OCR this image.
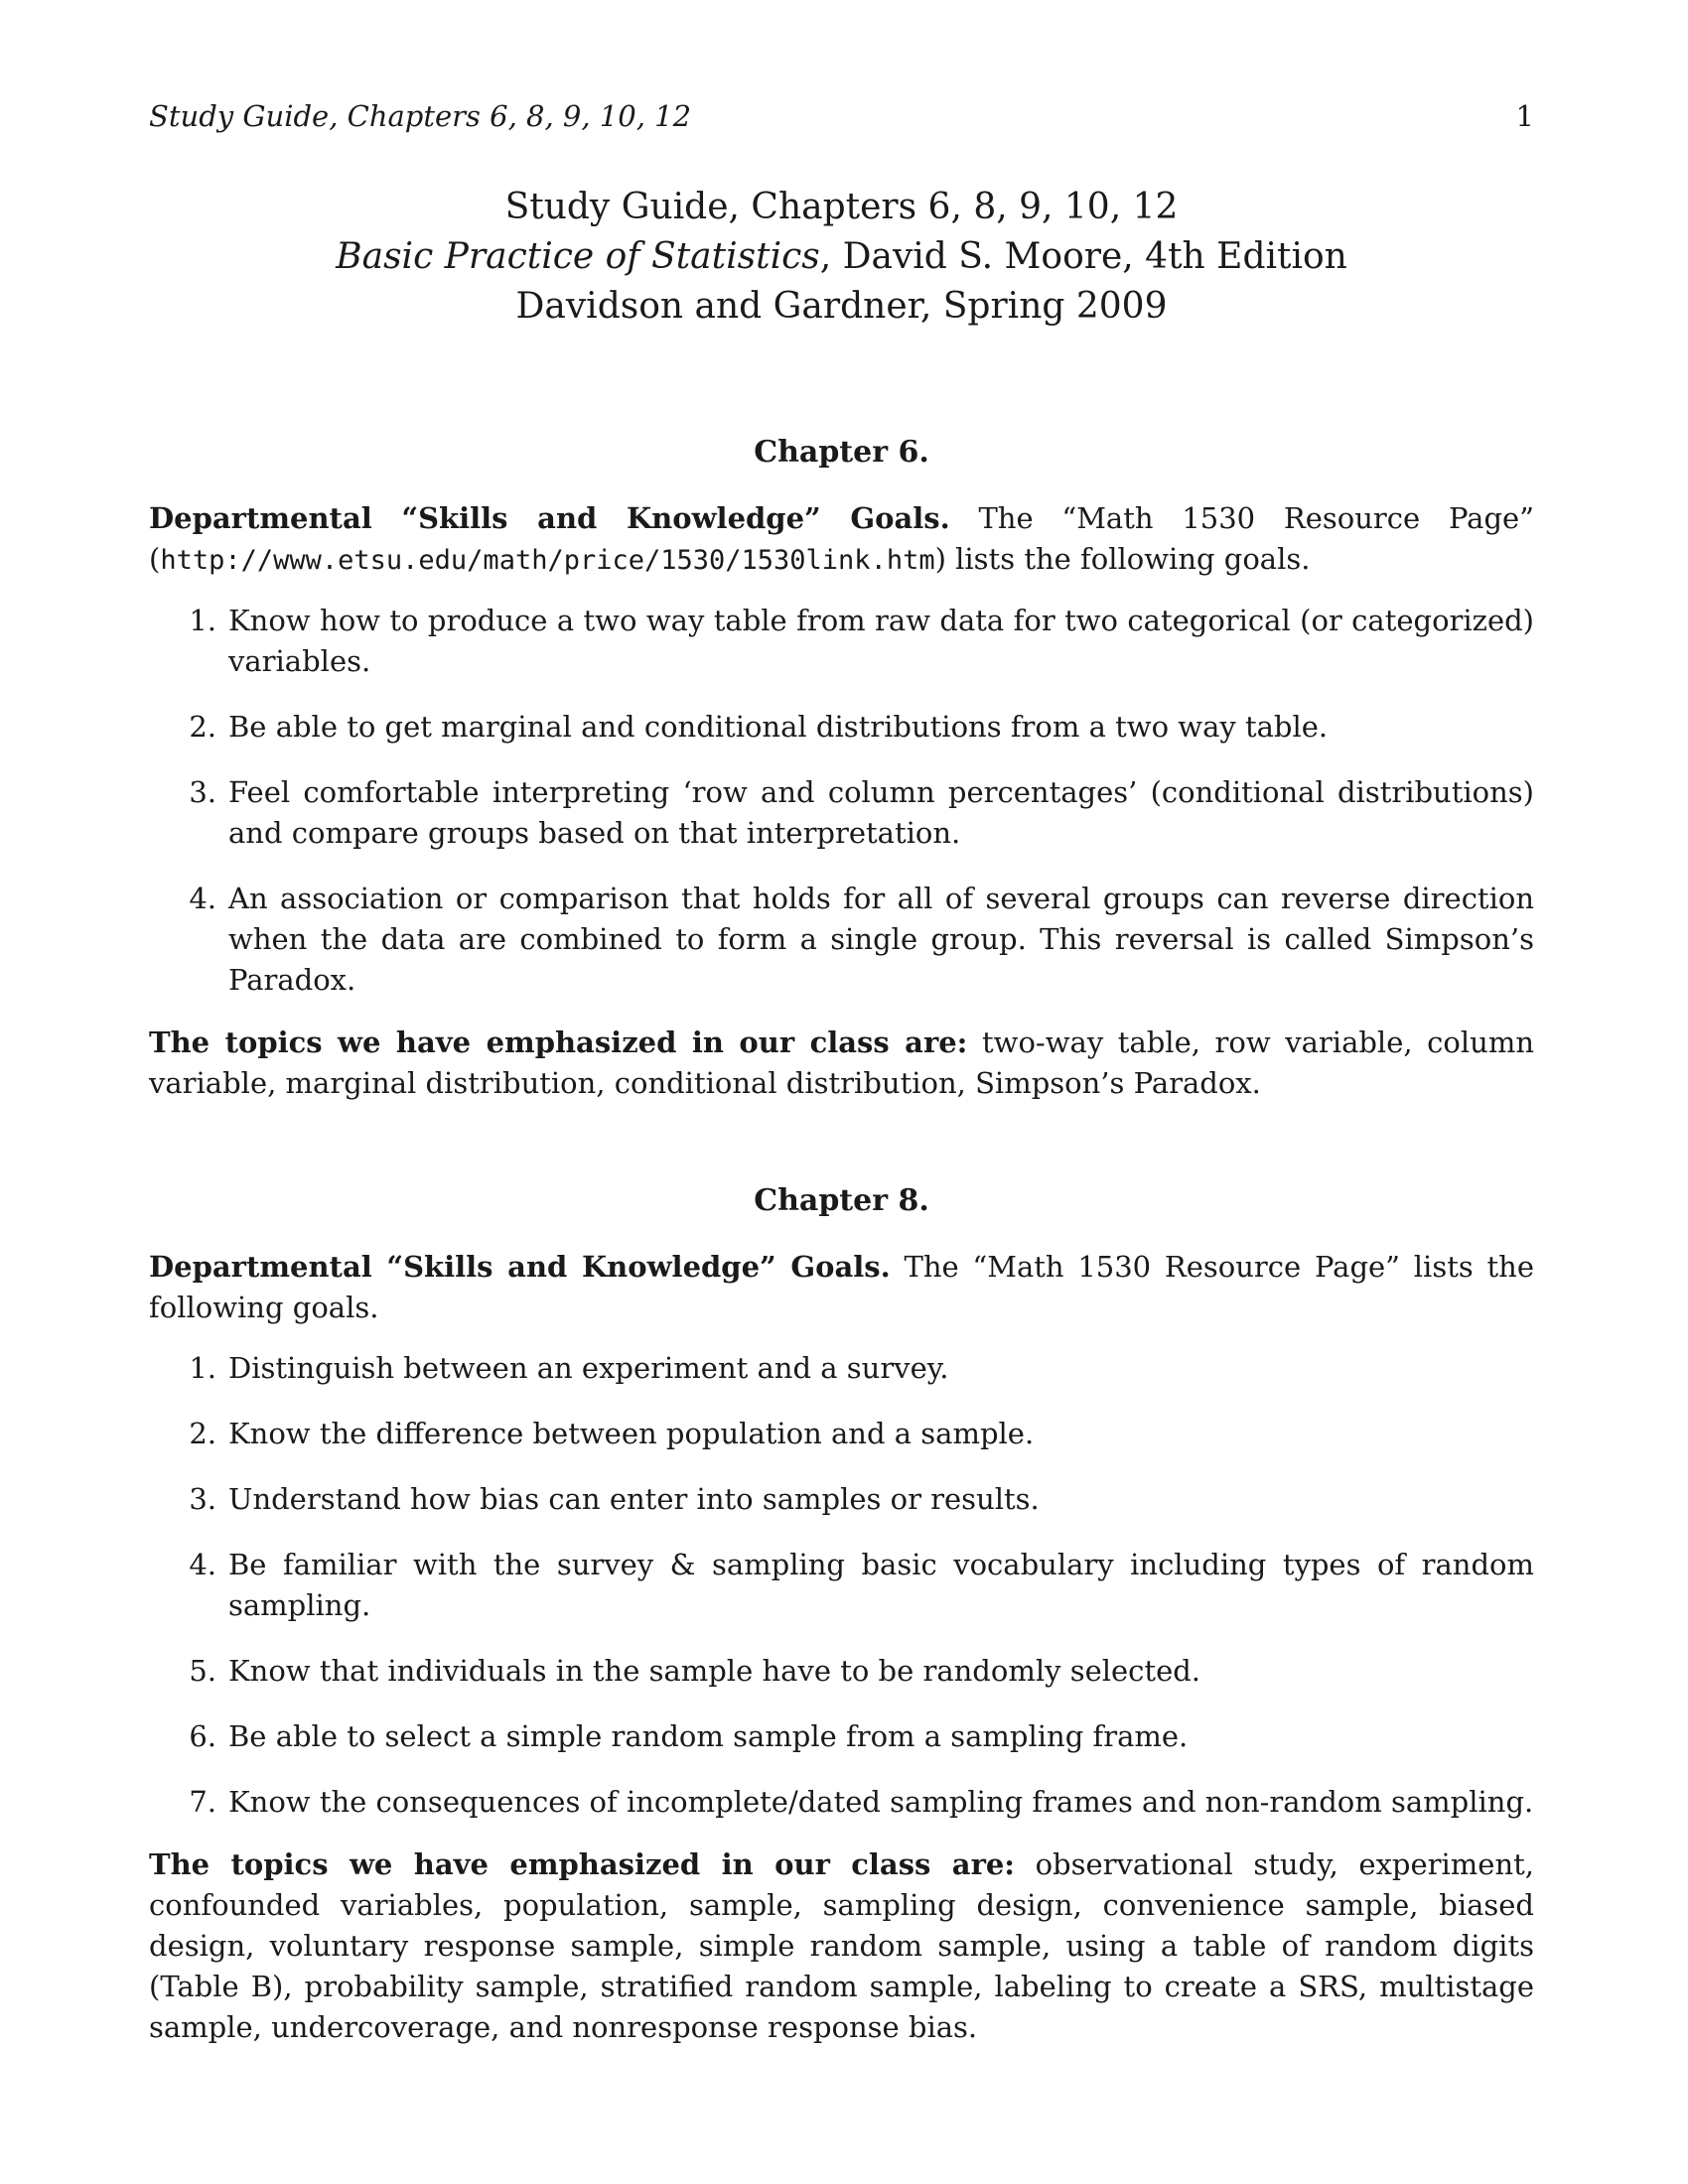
Study Guide, Chapters 6, 8, 9, 10, 12	1

Study Guide, Chapters 6, 8, 9, 10, 12

Basic Practice of Statistics, David S. Moore, 4th Edition

Davidson and Gardner, Spring 2009

Chapter 6.

Departmental “Skills and Knowledge” Goals. The “Math 1530 Resource Page” (http://www.etsu.edu/math/price/1530/1530link.htm) lists the following goals.

1. Know how to produce a two way table from raw data for two categorical (or categorized) variables.
2. Be able to get marginal and conditional distributions from a two way table.
3. Feel comfortable interpreting ‘row and column percentages’ (conditional distributions) and compare groups based on that interpretation.
4. An association or comparison that holds for all of several groups can reverse direction when the data are combined to form a single group. This reversal is called Simpson’s Paradox.

The topics we have emphasized in our class are: two-way table, row variable, column variable, marginal distribution, conditional distribution, Simpson’s Paradox.

Chapter 8.

Departmental “Skills and Knowledge” Goals. The “Math 1530 Resource Page” lists the following goals.

1. Distinguish between an experiment and a survey.
2. Know the difference between population and a sample.
3. Understand how bias can enter into samples or results.
4. Be familiar with the survey & sampling basic vocabulary including types of random sampling.
5. Know that individuals in the sample have to be randomly selected.
6. Be able to select a simple random sample from a sampling frame.
7. Know the consequences of incomplete/dated sampling frames and non-random sampling.

The topics we have emphasized in our class are: observational study, experiment, confounded variables, population, sample, sampling design, convenience sample, biased design, voluntary response sample, simple random sample, using a table of random digits (Table B), probability sample, stratified random sample, labeling to create a SRS, multistage sample, undercoverage, and nonresponse response bias.
